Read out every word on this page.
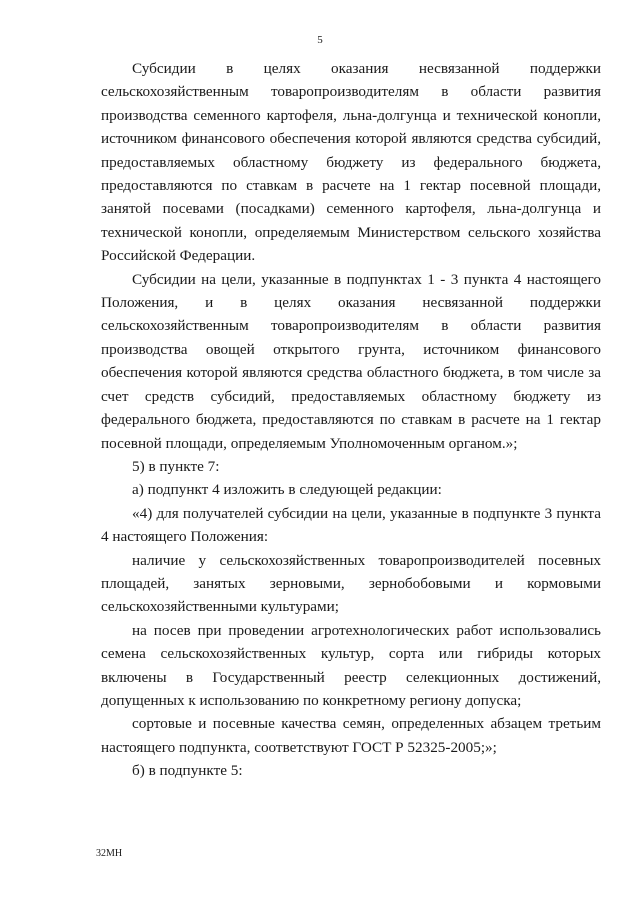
5

Субсидии в целях оказания несвязанной поддержки сельскохозяйственным товаропроизводителям в области развития производства семенного картофеля, льна-долгунца и технической конопли, источником финансового обеспечения которой являются средства субсидий, предоставляемых областному бюджету из федерального бюджета, предоставляются по ставкам в расчете на 1 гектар посевной площади, занятой посевами (посадками) семенного картофеля, льна-долгунца и технической конопли, определяемым Министерством сельского хозяйства Российской Федерации.

Субсидии на цели, указанные в подпунктах 1 - 3 пункта 4 настоящего Положения, и в целях оказания несвязанной поддержки сельскохозяйственным товаропроизводителям в области развития производства овощей открытого грунта, источником финансового обеспечения которой являются средства областного бюджета, в том числе за счет средств субсидий, предоставляемых областному бюджету из федерального бюджета, предоставляются по ставкам в расчете на 1 гектар посевной площади, определяемым Уполномоченным органом.»;

5) в пункте 7:

а) подпункт 4 изложить в следующей редакции:

«4) для получателей субсидии на цели, указанные в подпункте 3 пункта 4 настоящего Положения:

наличие у сельскохозяйственных товаропроизводителей посевных площадей, занятых зерновыми, зернобобовыми и кормовыми сельскохозяйственными культурами;

на посев при проведении агротехнологических работ использовались семена сельскохозяйственных культур, сорта или гибриды которых включены в Государственный реестр селекционных достижений, допущенных к использованию по конкретному региону допуска;

сортовые и посевные качества семян, определенных абзацем третьим настоящего подпункта, соответствуют ГОСТ Р 52325-2005;»;

б) в подпункте 5:

32МН
